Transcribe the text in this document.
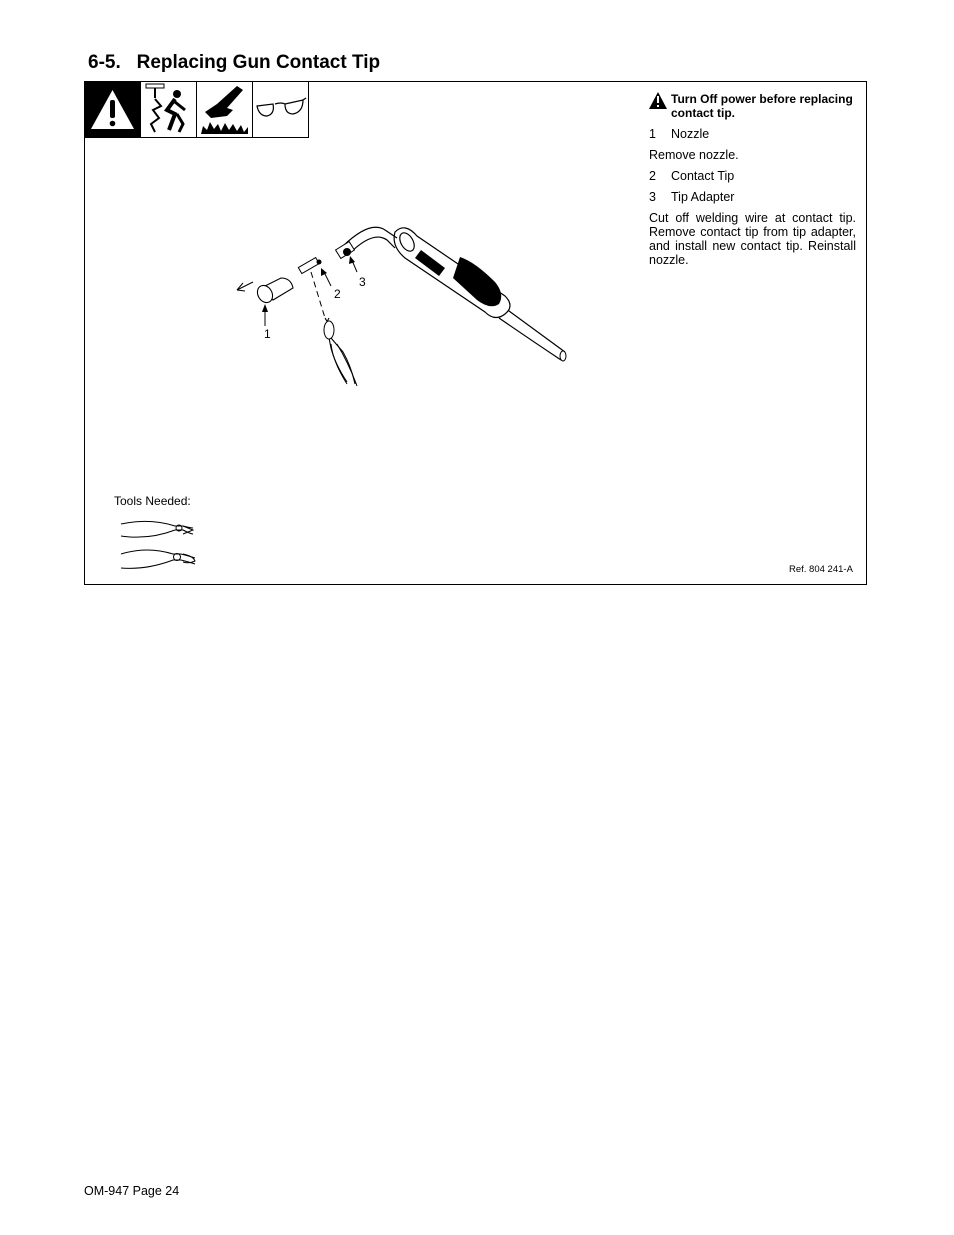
6-5. Replacing Gun Contact Tip
Turn Off power before replacing contact tip.
1	Nozzle
Remove nozzle.
2	Contact Tip
3	Tip Adapter
Cut off welding wire at contact tip. Remove contact tip from tip adapter, and install new contact tip. Reinstall nozzle.
1
2
3
Tools Needed:
Ref. 804 241-A
OM-947 Page 24
